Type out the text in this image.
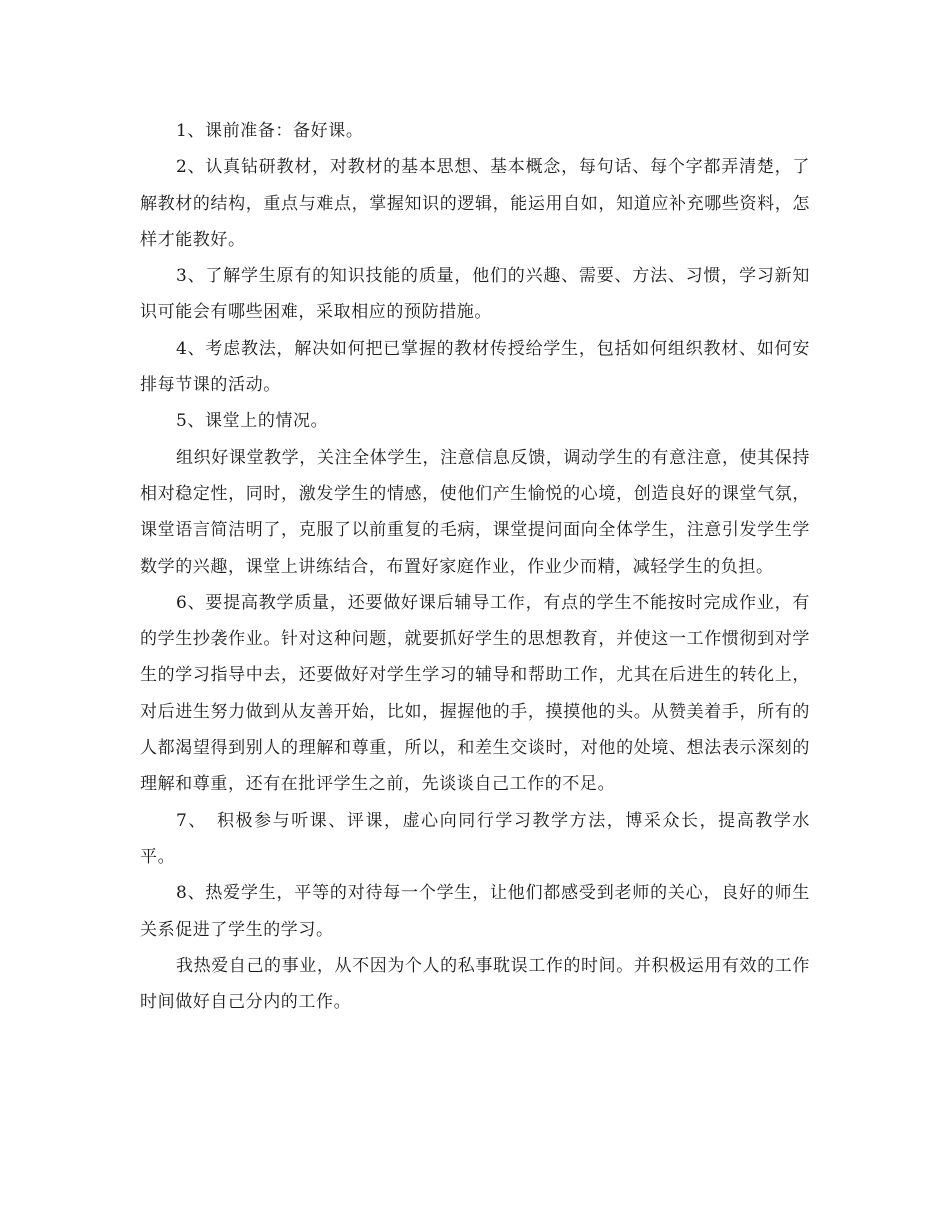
1、课前准备：备好课。

2、认真钻研教材，对教材的基本思想、基本概念，每句话、每个字都弄清楚，了解教材的结构，重点与难点，掌握知识的逻辑，能运用自如，知道应补充哪些资料，怎样才能教好。

3、了解学生原有的知识技能的质量，他们的兴趣、需要、方法、习惯，学习新知识可能会有哪些困难，采取相应的预防措施。

4、考虑教法，解决如何把已掌握的教材传授给学生，包括如何组织教材、如何安排每节课的活动。

5、课堂上的情况。

组织好课堂教学，关注全体学生，注意信息反馈，调动学生的有意注意，使其保持相对稳定性，同时，激发学生的情感，使他们产生愉悦的心境，创造良好的课堂气氛，课堂语言简洁明了，克服了以前重复的毛病，课堂提问面向全体学生，注意引发学生学数学的兴趣，课堂上讲练结合，布置好家庭作业，作业少而精，减轻学生的负担。

6、要提高教学质量，还要做好课后辅导工作，有点的学生不能按时完成作业，有的学生抄袭作业。针对这种问题，就要抓好学生的思想教育，并使这一工作惯彻到对学生的学习指导中去，还要做好对学生学习的辅导和帮助工作，尤其在后进生的转化上，对后进生努力做到从友善开始，比如，握握他的手，摸摸他的头。从赞美着手，所有的人都渴望得到别人的理解和尊重，所以，和差生交谈时，对他的处境、想法表示深刻的理解和尊重，还有在批评学生之前，先谈谈自己工作的不足。

7、　积极参与听课、评课，虚心向同行学习教学方法，博采众长，提高教学水平。

8、热爱学生，平等的对待每一个学生，让他们都感受到老师的关心，良好的师生关系促进了学生的学习。

我热爱自己的事业，从不因为个人的私事耽误工作的时间。并积极运用有效的工作时间做好自己分内的工作。
